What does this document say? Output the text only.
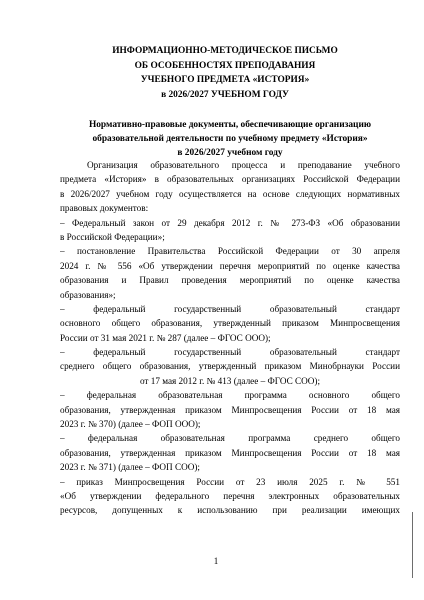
ИНФОРМАЦИОННО-МЕТОДИЧЕСКОЕ ПИСЬМО
ОБ ОСОБЕННОСТЯХ ПРЕПОДАВАНИЯ
УЧЕБНОГО ПРЕДМЕТА «ИСТОРИЯ»
в 2026/2027 УЧЕБНОМ ГОДУ
Нормативно-правовые документы, обеспечивающие организацию
образовательной деятельности по учебному предмету «История»
в 2026/2027 учебном году
Организация образовательного процесса и преподавание учебного
предмета «История» в образовательных организациях Российской Федерации
в 2026/2027 учебном году осуществляется на основе следующих нормативных
правовых документов:
– Федеральный закон от 29 декабря 2012 г. № 273-ФЗ «Об образовании
в Российской Федерации»;
– постановление Правительства Российской Федерации от 30 апреля
2024 г. № 556 «Об утверждении перечня мероприятий по оценке качества
образования и Правил проведения мероприятий по оценке качества
образования»;
– федеральный государственный образовательный стандарт
основного общего образования, утвержденный приказом Минпросвещения
России от 31 мая 2021 г. № 287 (далее – ФГОС ООО);
– федеральный государственный образовательный стандарт
среднего общего образования, утвержденный приказом Минобрнауки России
от 17 мая 2012 г. № 413 (далее – ФГОС СОО);
– федеральная образовательная программа основного общего
образования, утвержденная приказом Минпросвещения России от 18 мая
2023 г. № 370) (далее – ФОП ООО);
– федеральная образовательная программа среднего общего
образования, утвержденная приказом Минпросвещения России от 18 мая
2023 г. № 371) (далее – ФОП СОО);
– приказ Минпросвещения России от 23 июля 2025 г. № 551
«Об утверждении федерального перечня электронных образовательных
ресурсов, допущенных к использованию при реализации имеющих
1
